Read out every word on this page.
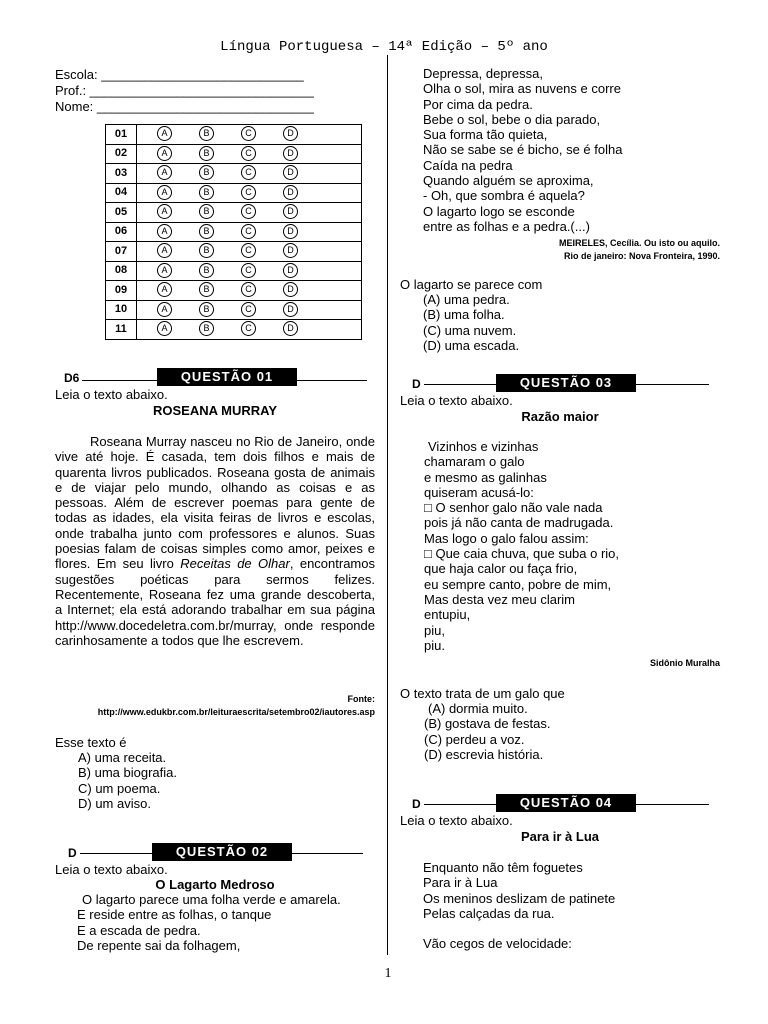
Língua Portuguesa – 14ª Edição – 5º ano
Escola: ____________________________
Prof.: _______________________________
Nome: ______________________________
01	A B C D	
02	A B C D	
03	A B C D	
04	A B C D	
05	A B C D	
06	A B C D	
07	A B C D	
08	A B C D	
09	A B C D	
10	A B C D	
11	A B C D	
D6	QUESTÃO 01
Leia o texto abaixo.
ROSEANA MURRAY
Roseana Murray nasceu no Rio de Janeiro, onde vive até hoje. É casada, tem dois filhos e mais de quarenta livros publicados. Roseana gosta de animais e de viajar pelo mundo, olhando as coisas e as pessoas. Além de escrever poemas para gente de todas as idades, ela visita feiras de livros e escolas, onde trabalha junto com professores e alunos. Suas poesias falam de coisas simples como amor, peixes e flores. Em seu livro Receitas de Olhar, encontramos sugestões poéticas para sermos felizes. Recentemente, Roseana fez uma grande descoberta, a Internet; ela está adorando trabalhar em sua página http://www.docedeletra.com.br/murray, onde responde carinhosamente a todos que lhe escrevem.
Fonte:
http://www.edukbr.com.br/leituraescrita/setembro02/iautores.asp
Esse texto é
A) uma receita.
B) uma biografia.
C) um poema.
D) um aviso.
D	QUESTÃO 02
Leia o texto abaixo.
O Lagarto Medroso
O lagarto parece uma folha verde e amarela.
E reside entre as folhas, o tanque
E a escada de pedra.
De repente sai da folhagem,
Depressa, depressa,
Olha o sol, mira as nuvens e corre
Por cima da pedra.
Bebe o sol, bebe o dia parado,
Sua forma tão quieta,
Não se sabe se é bicho, se é folha
Caída na pedra
Quando alguém se aproxima,
- Oh, que sombra é aquela?
O lagarto logo se esconde
entre as folhas e a pedra.(...)
MEIRELES, Cecília. Ou isto ou aquilo.
Rio de janeiro: Nova Fronteira, 1990.
O lagarto se parece com
(A) uma pedra.
(B) uma folha.
(C) uma nuvem.
(D) uma escada.
D	QUESTÃO 03
Leia o texto abaixo.
Razão maior
Vizinhos e vizinhas
chamaram o galo
e mesmo as galinhas
quiseram acusá-lo:
□ O senhor galo não vale nada
pois já não canta de madrugada.
Mas logo o galo falou assim:
□ Que caia chuva, que suba o rio,
que haja calor ou faça frio,
eu sempre canto, pobre de mim,
Mas desta vez meu clarim
entupiu,
piu,
piu.
Sidônio Muralha
O texto trata de um galo que
(A) dormia muito.
(B) gostava de festas.
(C) perdeu a voz.
(D) escrevia história.
D	QUESTÃO 04
Leia o texto abaixo.
Para ir à Lua
Enquanto não têm foguetes
Para ir à Lua
Os meninos deslizam de patinete
Pelas calçadas da rua.
Vão cegos de velocidade:
1
